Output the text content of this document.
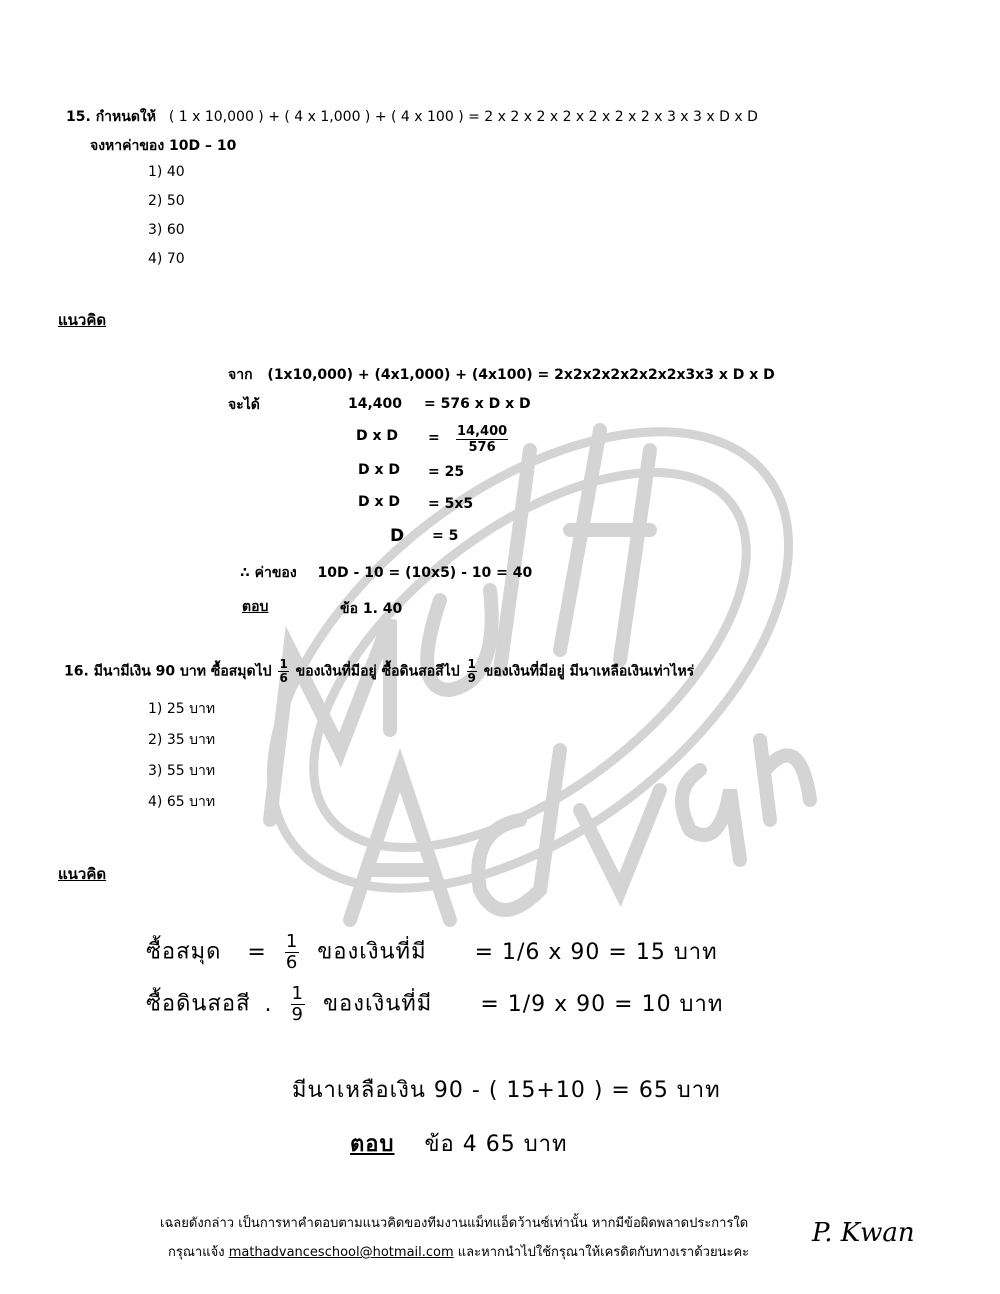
15. กำหนดให้ ( 1 x 10,000 ) + ( 4 x 1,000 ) + ( 4 x 100 ) = 2 x 2 x 2 x 2 x 2 x 2 x 2 x 3 x 3 x D x D
จงหาค่าของ 10D – 10
1) 40
2) 50
3) 60
4) 70
แนวคิด
จาก (1x10,000) + (4x1,000) + (4x100) = 2x2x2x2x2x2x2x3x3 x D x D
จะได้	14,400 = 576 x D x D
D x $D = \frac{14,400}{576}$
D x D = 25
D x D = 5x5
D = 5
∴ ค่าของ 10D - 10 = (10x5) - 10 = 40
ตอบ	ข้อ 1. 40
16. มีนามีเงิน 90 บาท ซื้อสมุดไป $\frac{1}{6}$ ของเงินที่มีอยู่ ซื้อดินสอสีไป $\frac{1}{9}$ ของเงินที่มีอยู่ มีนาเหลือเงินเท่าไหร่
1) 25 บาท
2) 35 บาท
3) 55 บาท
4) 65 บาท
แนวคิด
ซื้อสมุด = $\frac{1}{6}$ ของเงินที่มี = 1/6 x 90 = 15 บาท
ซื้อดินสอสี . $\frac{1}{9}$ ของเงินที่มี = 1/9 x 90 = 10 บาท
มีนาเหลือเงิน 90 - ( 15+10 ) = 65 บาท
ตอบ ข้อ 4 65 บาท
เฉลยดังกล่าว เป็นการหาคำตอบตามแนวคิดของทีมงานแม็ทแอ็ดว้านซ์เท่านั้น หากมีข้อผิดพลาดประการใด
กรุณาแจ้ง mathadvanceschool@hotmail.com และหากนำไปใช้กรุณาให้เครดิตกับทางเราด้วยนะคะ
P. Kwan
